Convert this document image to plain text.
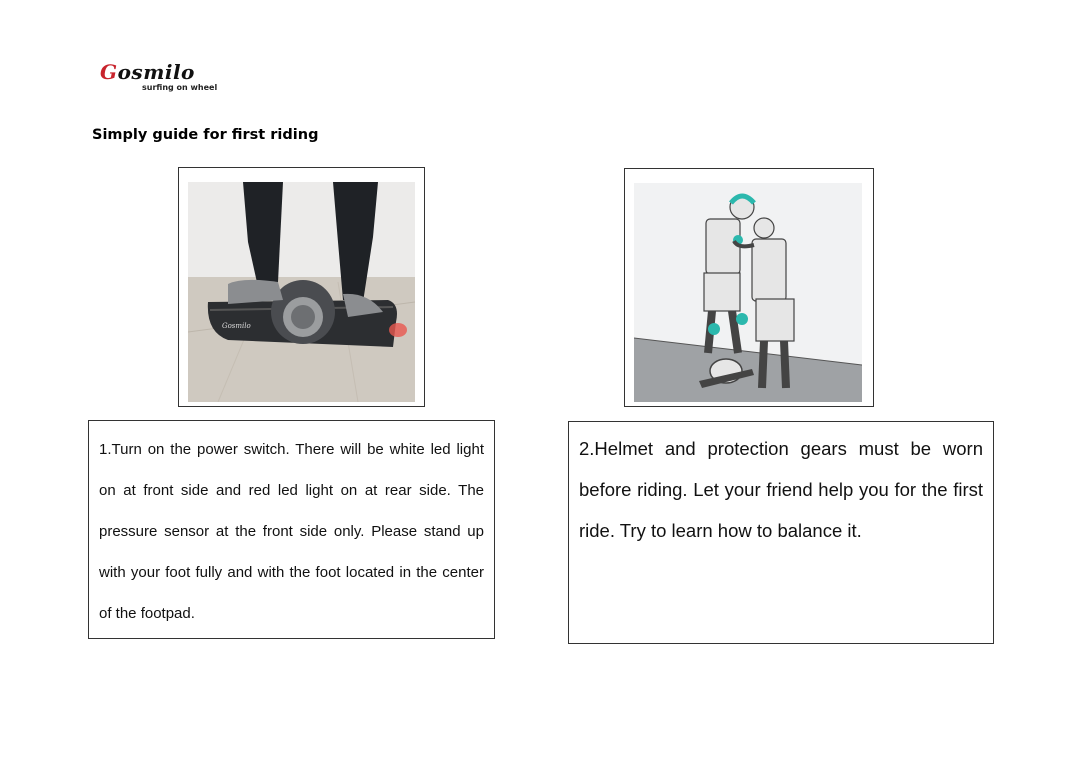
Gosmilo
surfing on wheel
Simply guide for first riding
Gosmilo

1.Turn on the power switch. There will be white led light on at front side and red led light on at rear side. The pressure sensor at the front side only. Please stand up with your foot fully and with the foot located in the center of the footpad.

2.Helmet and protection gears must be worn before riding. Let your friend help you for the first ride. Try to learn how to balance it.
